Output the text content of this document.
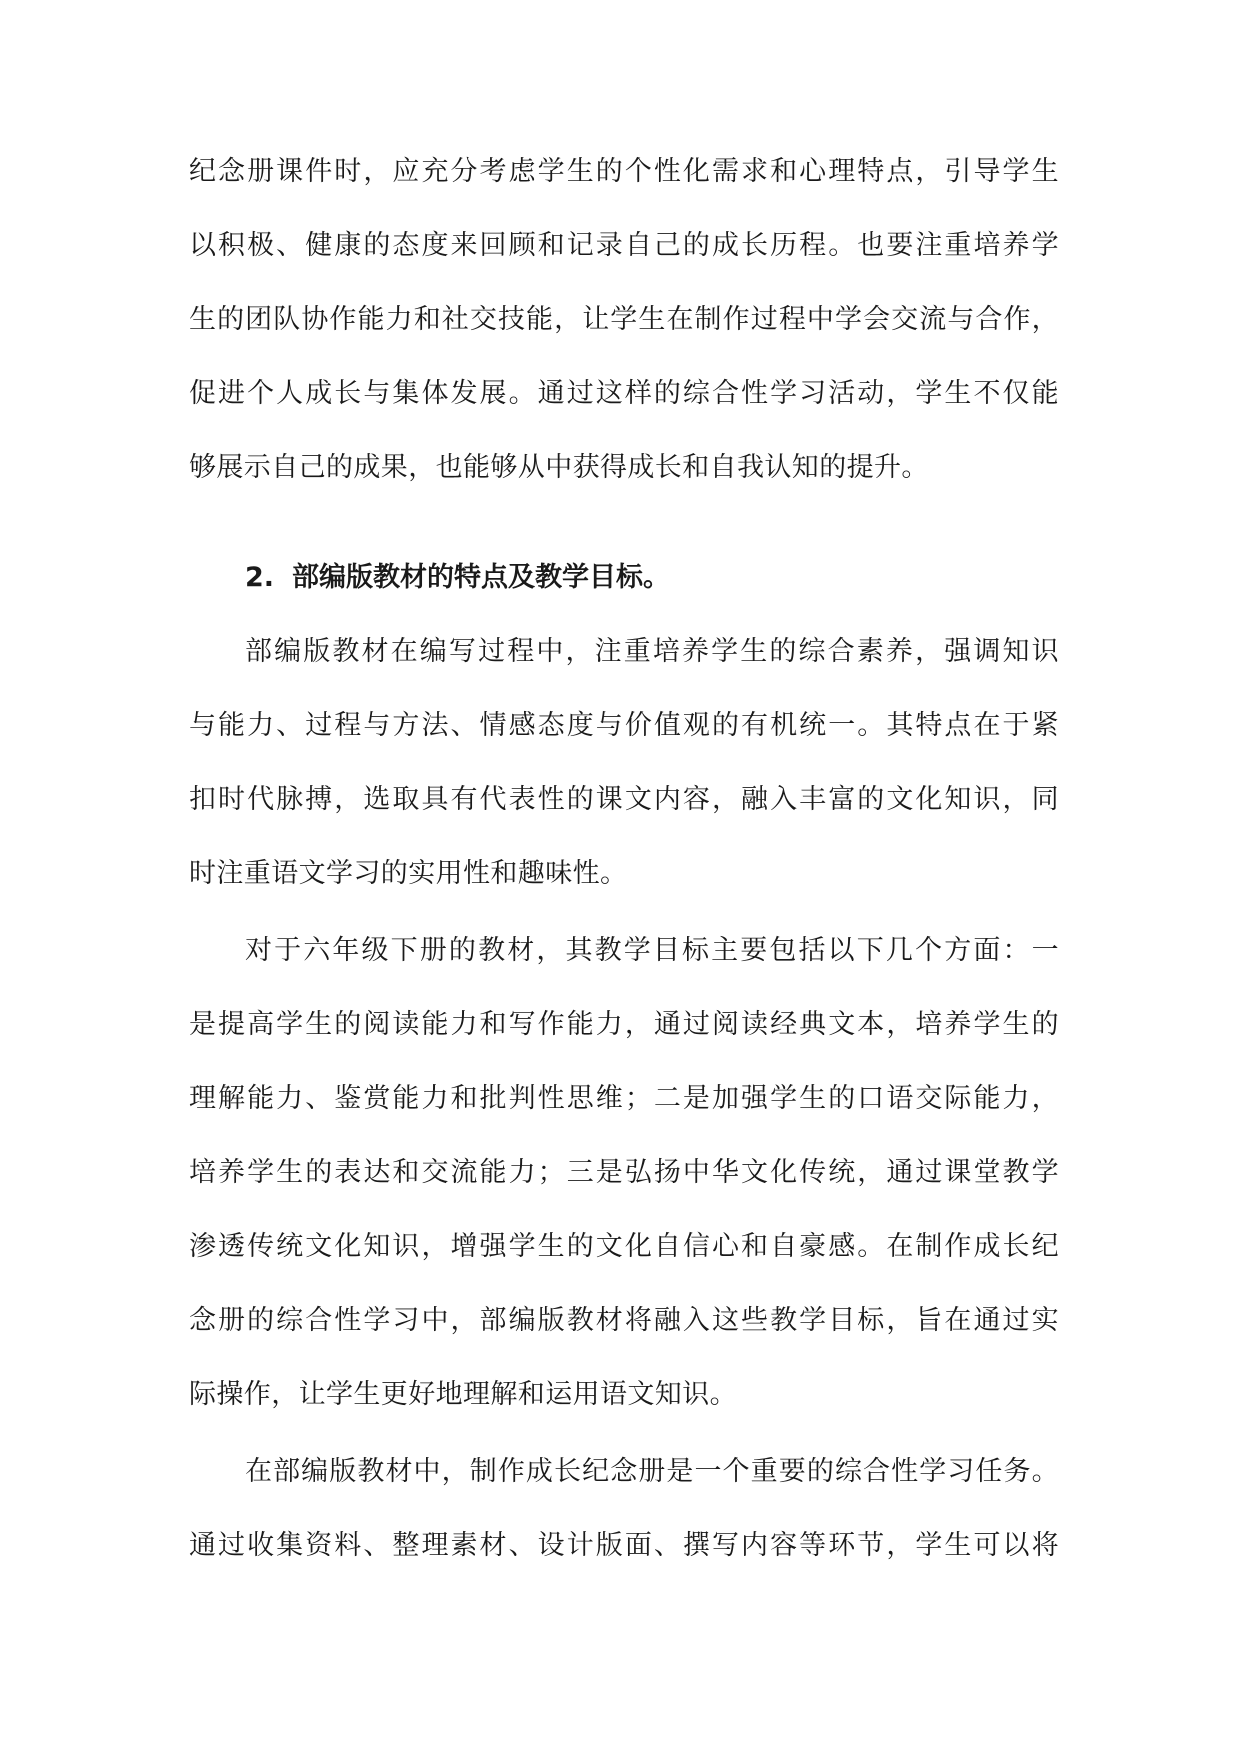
纪念册课件时，应充分考虑学生的个性化需求和心理特点，引导学生
以积极、健康的态度来回顾和记录自己的成长历程。也要注重培养学
生的团队协作能力和社交技能，让学生在制作过程中学会交流与合作，
促进个人成长与集体发展。通过这样的综合性学习活动，学生不仅能
够展示自己的成果，也能够从中获得成长和自我认知的提升。
2. 部编版教材的特点及教学目标。
部编版教材在编写过程中，注重培养学生的综合素养，强调知识
与能力、过程与方法、情感态度与价值观的有机统一。其特点在于紧
扣时代脉搏，选取具有代表性的课文内容，融入丰富的文化知识，同
时注重语文学习的实用性和趣味性。
对于六年级下册的教材，其教学目标主要包括以下几个方面：一
是提高学生的阅读能力和写作能力，通过阅读经典文本，培养学生的
理解能力、鉴赏能力和批判性思维；二是加强学生的口语交际能力，
培养学生的表达和交流能力；三是弘扬中华文化传统，通过课堂教学
渗透传统文化知识，增强学生的文化自信心和自豪感。在制作成长纪
念册的综合性学习中，部编版教材将融入这些教学目标，旨在通过实
际操作，让学生更好地理解和运用语文知识。
在部编版教材中，制作成长纪念册是一个重要的综合性学习任务。
通过收集资料、整理素材、设计版面、撰写内容等环节，学生可以将
